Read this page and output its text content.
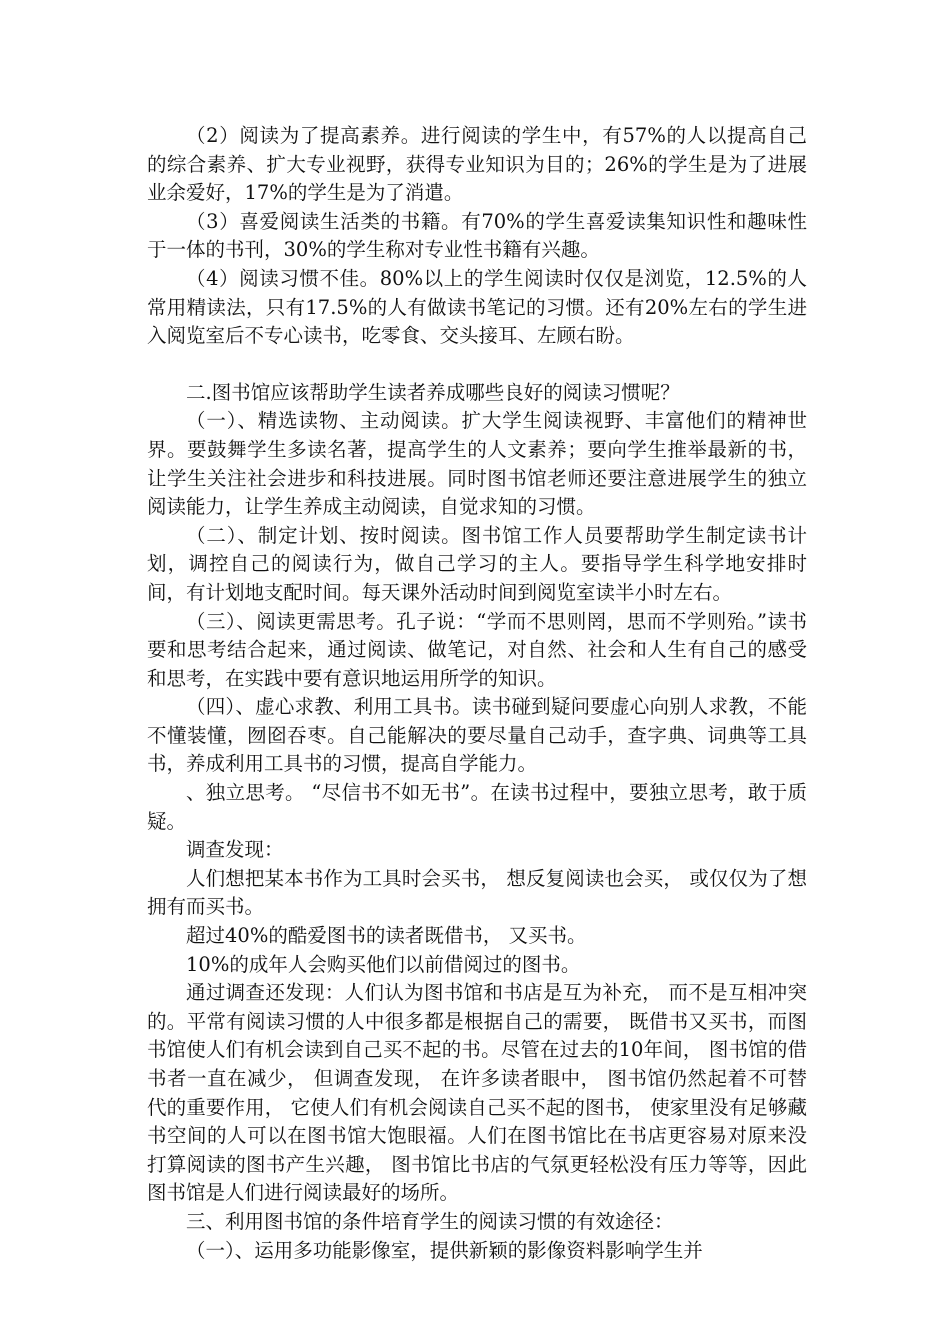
（2）阅读为了提高素养。进行阅读的学生中，有57%的人以提高自己的综合素养、扩大专业视野，获得专业知识为目的；26%的学生是为了进展业余爱好，17%的学生是为了消遣。

（3）喜爱阅读生活类的书籍。有70%的学生喜爱读集知识性和趣味性于一体的书刊，30%的学生称对专业性书籍有兴趣。

（4）阅读习惯不佳。80%以上的学生阅读时仅仅是浏览，12.5%的人常用精读法，只有17.5%的人有做读书笔记的习惯。还有20%左右的学生进入阅览室后不专心读书，吃零食、交头接耳、左顾右盼。

二.图书馆应该帮助学生读者养成哪些良好的阅读习惯呢？

（一）、精选读物、主动阅读。扩大学生阅读视野、丰富他们的精神世界。要鼓舞学生多读名著，提高学生的人文素养；要向学生推举最新的书，让学生关注社会进步和科技进展。同时图书馆老师还要注意进展学生的独立阅读能力，让学生养成主动阅读，自觉求知的习惯。

（二）、制定计划、按时阅读。图书馆工作人员要帮助学生制定读书计划，调控自己的阅读行为，做自己学习的主人。要指导学生科学地安排时间，有计划地支配时间。每天课外活动时间到阅览室读半小时左右。

（三）、阅读更需思考。孔子说：“学而不思则罔，思而不学则殆。”读书要和思考结合起来，通过阅读、做笔记，对自然、社会和人生有自己的感受和思考，在实践中要有意识地运用所学的知识。

（四）、虚心求教、利用工具书。读书碰到疑问要虚心向别人求教，不能不懂装懂，囫囵吞枣。自己能解决的要尽量自己动手，查字典、词典等工具书，养成利用工具书的习惯，提高自学能力。

、独立思考。 “尽信书不如无书”。在读书过程中，要独立思考，敢于质疑。

调查发现：

人们想把某本书作为工具时会买书， 想反复阅读也会买， 或仅仅为了想拥有而买书。

超过40%的酷爱图书的读者既借书， 又买书。

10%的成年人会购买他们以前借阅过的图书。

通过调查还发现：人们认为图书馆和书店是互为补充， 而不是互相冲突的。平常有阅读习惯的人中很多都是根据自己的需要， 既借书又买书，而图书馆使人们有机会读到自己买不起的书。尽管在过去的10年间， 图书馆的借书者一直在减少， 但调查发现， 在许多读者眼中， 图书馆仍然起着不可替代的重要作用， 它使人们有机会阅读自己买不起的图书， 使家里没有足够藏书空间的人可以在图书馆大饱眼福。人们在图书馆比在书店更容易对原来没打算阅读的图书产生兴趣， 图书馆比书店的气氛更轻松没有压力等等，因此图书馆是人们进行阅读最好的场所。

三、利用图书馆的条件培育学生的阅读习惯的有效途径：

（一）、运用多功能影像室，提供新颖的影像资料影响学生并
